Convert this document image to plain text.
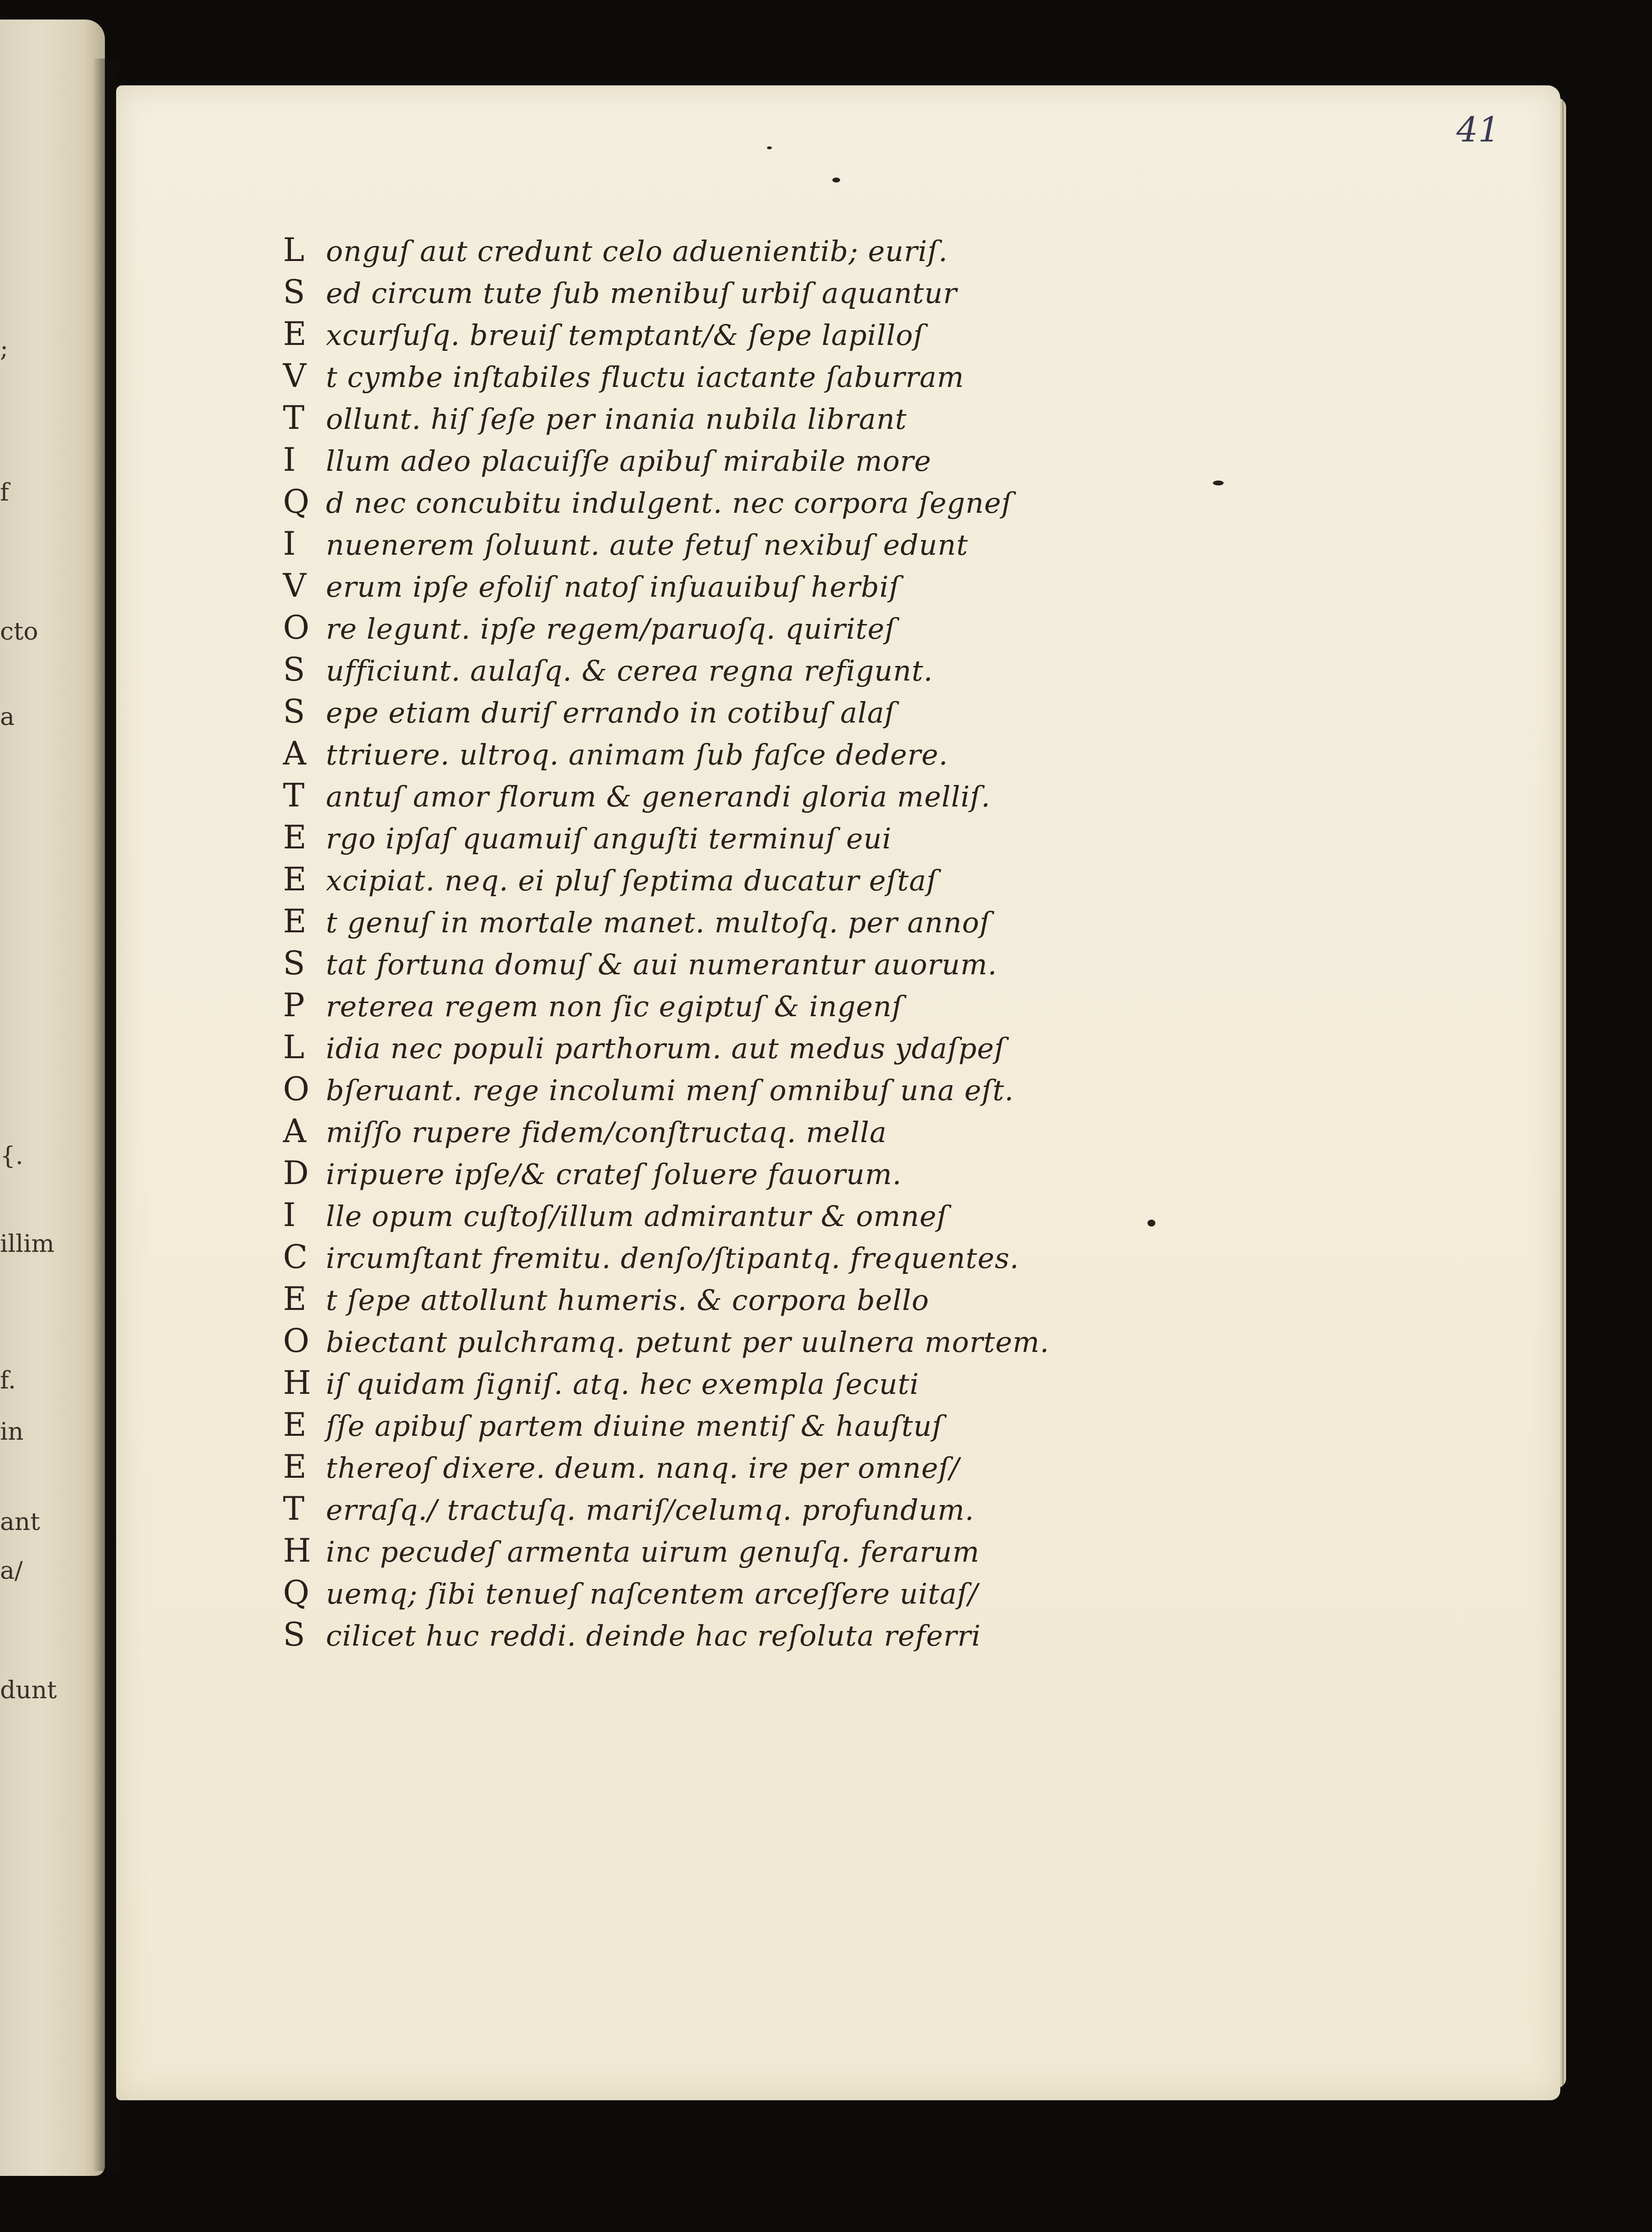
;
f
cto
a
{.
illim
f.
in
ant
a/
dunt
41
L onguſ aut credunt celo aduenientib; euriſ.
S ed circum tute ſub menibuſ urbiſ aquantur
E xcurſuſq. breuiſ temptant/& ſepe lapilloſ
V t cymbe inſtabiles fluctu iactante ſaburram
T ollunt. hiſ ſeſe per inania nubila librant
I llum adeo placuiſſe apibuſ mirabile more
Q d nec concubitu indulgent. nec corpora ſegneſ
I nuenerem ſoluunt. aute fetuſ nexibuſ edunt
V erum ipſe efoliſ natoſ inſuauibuſ herbiſ
O re legunt. ipſe regem/paruoſq. quiriteſ
S ufficiunt. aulaſq. & cerea regna refigunt.
S epe etiam duriſ errando in cotibuſ alaſ
A ttriuere. ultroq. animam ſub faſce dedere.
T antuſ amor florum & generandi gloria melliſ.
E rgo ipſaſ quamuiſ anguſti terminuſ eui
E xcipiat. neq. ei pluſ ſeptima ducatur eſtaſ
E t genuſ in mortale manet. multoſq. per annoſ
S tat fortuna domuſ & aui numerantur auorum.
P reterea regem non ſic egiptuſ & ingenſ
L idia nec populi parthorum. aut medus ydaſpeſ
O bſeruant. rege incolumi menſ omnibuſ una eſt.
A miſſo rupere fidem/conſtructaq. mella
D iripuere ipſe/& crateſ ſoluere fauorum.
I lle opum cuſtoſ/illum admirantur & omneſ
C ircumſtant fremitu. denſo/ſtipantq. frequentes.
E t ſepe attollunt humeris. & corpora bello
O biectant pulchramq. petunt per uulnera mortem.
H iſ quidam ſigniſ. atq. hec exempla ſecuti
E ſſe apibuſ partem diuine mentiſ & hauſtuſ
E thereoſ dixere. deum. nanq. ire per omneſ/
T erraſq./ tractuſq. mariſ/celumq. profundum.
H inc pecudeſ armenta uirum genuſq. ferarum
Q uemq; ſibi tenueſ naſcentem arceſſere uitaſ/
S cilicet huc reddi. deinde hac reſoluta referri
